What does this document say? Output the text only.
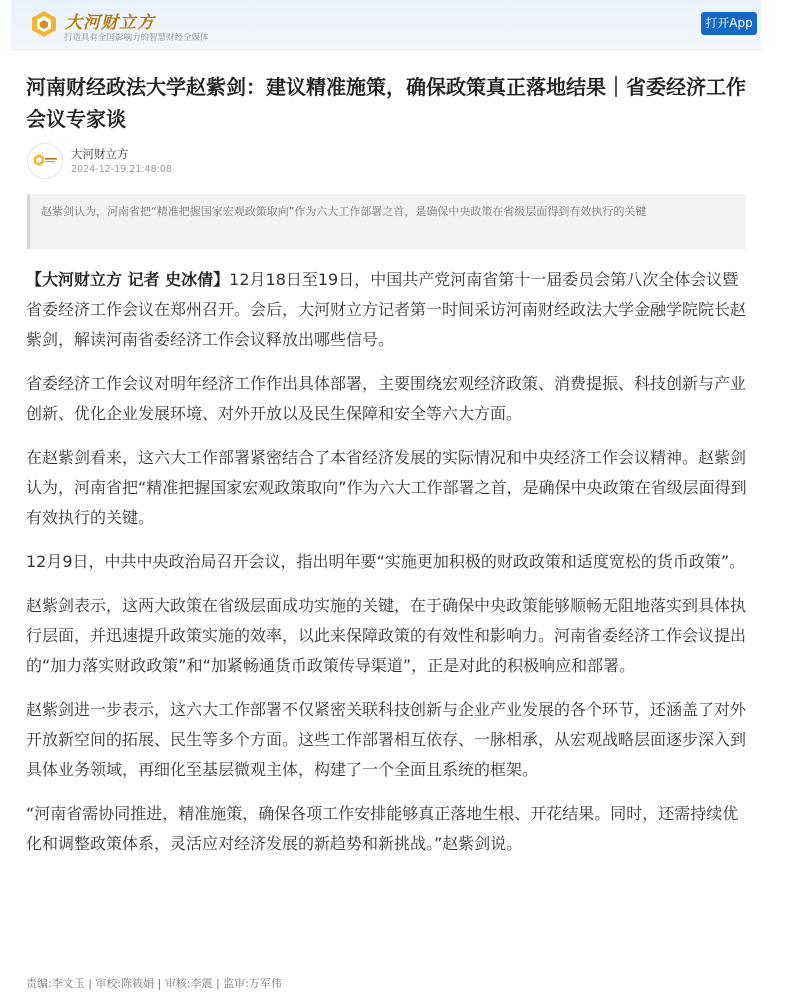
大河财立方
打造具有全国影响力的智慧财经全媒体
打开App
河南财经政法大学赵紫剑：建议精准施策，确保政策真正落地结果｜省委经济工作会议专家谈
大河财立方
2024-12-19 21:48:08
赵紫剑认为，河南省把“精准把握国家宏观政策取向”作为六大工作部署之首，是确保中央政策在省级层面得到有效执行的关键

【大河财立方 记者 史冰倩】12月18日至19日，中国共产党河南省第十一届委员会第八次全体会议暨省委经济工作会议在郑州召开。会后，大河财立方记者第一时间采访河南财经政法大学金融学院院长赵紫剑，解读河南省委经济工作会议释放出哪些信号。

省委经济工作会议对明年经济工作作出具体部署，主要围绕宏观经济政策、消费提振、科技创新与产业创新、优化企业发展环境、对外开放以及民生保障和安全等六大方面。

在赵紫剑看来，这六大工作部署紧密结合了本省经济发展的实际情况和中央经济工作会议精神。赵紫剑认为，河南省把“精准把握国家宏观政策取向”作为六大工作部署之首，是确保中央政策在省级层面得到有效执行的关键。

12月9日，中共中央政治局召开会议，指出明年要“实施更加积极的财政政策和适度宽松的货币政策”。

赵紫剑表示，这两大政策在省级层面成功实施的关键，在于确保中央政策能够顺畅无阻地落实到具体执行层面，并迅速提升政策实施的效率，以此来保障政策的有效性和影响力。河南省委经济工作会议提出的“加力落实财政政策”和“加紧畅通货币政策传导渠道”，正是对此的积极响应和部署。

赵紫剑进一步表示，这六大工作部署不仅紧密关联科技创新与企业产业发展的各个环节，还涵盖了对外开放新空间的拓展、民生等多个方面。这些工作部署相互依存、一脉相承，从宏观战略层面逐步深入到具体业务领域，再细化至基层微观主体，构建了一个全面且系统的框架。

“河南省需协同推进，精准施策，确保各项工作安排能够真正落地生根、开花结果。同时，还需持续优化和调整政策体系，灵活应对经济发展的新趋势和新挑战。”赵紫剑说。

责编:李文玉 | 审校:陈筱娟 | 审核:李震 | 监审:万军伟
